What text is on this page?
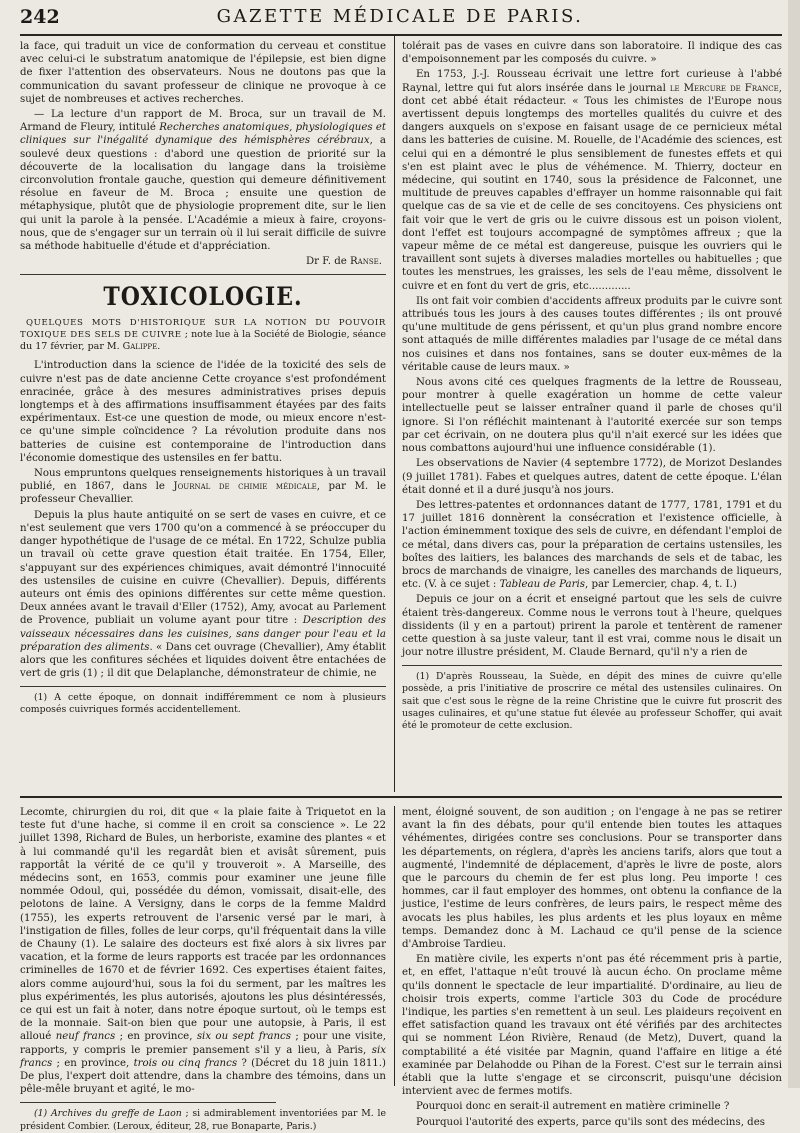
242	GAZETTE MÉDICALE DE PARIS.

la face, qui traduit un vice de conformation du cerveau et constitue avec celui-ci le substratum anatomique de l'épilepsie, est bien digne de fixer l'attention des observateurs. Nous ne doutons pas que la communication du savant professeur de clinique ne provoque à ce sujet de nombreuses et actives recherches.

— La lecture d'un rapport de M. Broca, sur un travail de M. Armand de Fleury, intitulé Recherches anatomiques, physiologiques et cliniques sur l'inégalité dynamique des hémisphères cérébraux, a soulevé deux questions : d'abord une question de priorité sur la découverte de la localisation du langage dans la troisième circonvolution frontale gauche, question qui demeure définitivement résolue en faveur de M. Broca ; ensuite une question de métaphysique, plutôt que de physiologie proprement dite, sur le lien qui unit la parole à la pensée. L'Académie a mieux à faire, croyons-nous, que de s'engager sur un terrain où il lui serait difficile de suivre sa méthode habituelle d'étude et d'appréciation.

Dr F. de Ranse.
TOXICOLOGIE.
QUELQUES MOTS D'HISTORIQUE SUR LA NOTION DU POUVOIR TOXIQUE DES SELS DE CUIVRE ; note lue à la Société de Biologie, séance du 17 février, par M. Galippe.

L'introduction dans la science de l'idée de la toxicité des sels de cuivre n'est pas de date ancienne Cette croyance s'est profondément enracinée, grâce à des mesures administratives prises depuis longtemps et à des affirmations insuffisamment étayées par des faits expérimentaux. Est-ce une question de mode, ou mieux encore n'est-ce qu'une simple coïncidence ? La révolution produite dans nos batteries de cuisine est contemporaine de l'introduction dans l'économie domestique des ustensiles en fer battu.

Nous empruntons quelques renseignements historiques à un travail publié, en 1867, dans le Journal de chimie médicale, par M. le professeur Chevallier.

Depuis la plus haute antiquité on se sert de vases en cuivre, et ce n'est seulement que vers 1700 qu'on a commencé à se préoccuper du danger hypothétique de l'usage de ce métal. En 1722, Schulze publia un travail où cette grave question était traitée. En 1754, Eller, s'appuyant sur des expériences chimiques, avait démontré l'innocuité des ustensiles de cuisine en cuivre (Chevallier). Depuis, différents auteurs ont émis des opinions différentes sur cette même question. Deux années avant le travail d'Eller (1752), Amy, avocat au Parlement de Provence, publiait un volume ayant pour titre : Description des vaisseaux nécessaires dans les cuisines, sans danger pour l'eau et la préparation des aliments. « Dans cet ouvrage (Chevallier), Amy établit alors que les confitures séchées et liquides doivent être entachées de vert de gris (1) ; il dit que Delaplanche, démonstrateur de chimie, ne

(1) A cette époque, on donnait indifféremment ce nom à plusieurs composés cuivriques formés accidentellement.

tolérait pas de vases en cuivre dans son laboratoire. Il indique des cas d'empoisonnement par les composés du cuivre. »

En 1753, J.-J. Rousseau écrivait une lettre fort curieuse à l'abbé Raynal, lettre qui fut alors insérée dans le journal le Mercure de France, dont cet abbé était rédacteur. « Tous les chimistes de l'Europe nous avertissent depuis longtemps des mortelles qualités du cuivre et des dangers auxquels on s'expose en faisant usage de ce pernicieux métal dans les batteries de cuisine. M. Rouelle, de l'Académie des sciences, est celui qui en a démontré le plus sensiblement de funestes effets et qui s'en est plaint avec le plus de véhémence. M. Thierry, docteur en médecine, qui soutint en 1740, sous la présidence de Falconnet, une multitude de preuves capables d'effrayer un homme raisonnable qui fait quelque cas de sa vie et de celle de ses concitoyens. Ces physiciens ont fait voir que le vert de gris ou le cuivre dissous est un poison violent, dont l'effet est toujours accompagné de symptômes affreux ; que la vapeur même de ce métal est dangereuse, puisque les ouvriers qui le travaillent sont sujets à diverses maladies mortelles ou habituelles ; que toutes les menstrues, les graisses, les sels de l'eau même, dissolvent le cuivre et en font du vert de gris, etc.............

Ils ont fait voir combien d'accidents affreux produits par le cuivre sont attribués tous les jours à des causes toutes différentes ; ils ont prouvé qu'une multitude de gens périssent, et qu'un plus grand nombre encore sont attaqués de mille différentes maladies par l'usage de ce métal dans nos cuisines et dans nos fontaines, sans se douter eux-mêmes de la véritable cause de leurs maux. »

Nous avons cité ces quelques fragments de la lettre de Rousseau, pour montrer à quelle exagération un homme de cette valeur intellectuelle peut se laisser entraîner quand il parle de choses qu'il ignore. Si l'on réfléchit maintenant à l'autorité exercée sur son temps par cet écrivain, on ne doutera plus qu'il n'ait exercé sur les idées que nous combattons aujourd'hui une influence considérable (1).

Les observations de Navier (4 septembre 1772), de Morizot Deslandes (9 juillet 1781). Fabes et quelques autres, datent de cette époque. L'élan était donné et il a duré jusqu'à nos jours.

Des lettres-patentes et ordonnances datant de 1777, 1781, 1791 et du 17 juillet 1816 donnèrent la consécration et l'existence officielle, à l'action éminemment toxique des sels de cuivre, en défendant l'emploi de ce métal, dans divers cas, pour la préparation de certains ustensiles, les boîtes des laitiers, les balances des marchands de sels et de tabac, les brocs de marchands de vinaigre, les canelles des marchands de liqueurs, etc. (V. à ce sujet : Tableau de Paris, par Lemercier, chap. 4, t. I.)

Depuis ce jour on a écrit et enseigné partout que les sels de cuivre étaient très-dangereux. Comme nous le verrons tout à l'heure, quelques dissidents (il y en a partout) prirent la parole et tentèrent de ramener cette question à sa juste valeur, tant il est vrai, comme nous le disait un jour notre illustre président, M. Claude Bernard, qu'il n'y a rien de

(1) D'après Rousseau, la Suède, en dépit des mines de cuivre qu'elle possède, a pris l'initiative de proscrire ce métal des ustensiles culinaires. On sait que c'est sous le règne de la reine Christine que le cuivre fut proscrit des usages culinaires, et qu'une statue fut élevée au professeur Schoffer, qui avait été le promoteur de cette exclusion.

Lecomte, chirurgien du roi, dit que « la plaie faite à Triquetot en la teste fut d'une hache, si comme il en croit sa conscience ». Le 22 juillet 1398, Richard de Bules, un herboriste, examine des plantes « et à lui commandé qu'il les regardât bien et avisât sûrement, puis rapportât la vérité de ce qu'il y trouveroit ». A Marseille, des médecins sont, en 1653, commis pour examiner une jeune fille nommée Odoul, qui, possédée du démon, vomissait, disait-elle, des pelotons de laine. A Versigny, dans le corps de la femme Maldrd (1755), les experts retrouvent de l'arsenic versé par le mari, à l'instigation de filles, folles de leur corps, qu'il fréquentait dans la ville de Chauny (1). Le salaire des docteurs est fixé alors à six livres par vacation, et la forme de leurs rapports est tracée par les ordonnances criminelles de 1670 et de février 1692. Ces expertises étaient faites, alors comme aujourd'hui, sous la foi du serment, par les maîtres les plus expérimentés, les plus autorisés, ajoutons les plus désintéressés, ce qui est un fait à noter, dans notre époque surtout, où le temps est de la monnaie. Sait-on bien que pour une autopsie, à Paris, il est alloué neuf francs ; en province, six ou sept francs ; pour une visite, rapports, y compris le premier pansement s'il y a lieu, à Paris, six francs ; en province, trois ou cinq francs ? (Décret du 18 juin 1811.) De plus, l'expert doit attendre, dans la chambre des témoins, dans un pêle-mêle bruyant et agité, le mo-

(1) Archives du greffe de Laon ; si admirablement inventoriées par M. le président Combier. (Leroux, éditeur, 28, rue Bonaparte, Paris.)

ment, éloigné souvent, de son audition ; on l'engage à ne pas se retirer avant la fin des débats, pour qu'il entende bien toutes les attaques véhémentes, dirigées contre ses conclusions. Pour se transporter dans les départements, on réglera, d'après les anciens tarifs, alors que tout a augmenté, l'indemnité de déplacement, d'après le livre de poste, alors que le parcours du chemin de fer est plus long. Peu importe ! ces hommes, car il faut employer des hommes, ont obtenu la confiance de la justice, l'estime de leurs confrères, de leurs pairs, le respect même des avocats les plus habiles, les plus ardents et les plus loyaux en même temps. Demandez donc à M. Lachaud ce qu'il pense de la science d'Ambroise Tardieu.

En matière civile, les experts n'ont pas été récemment pris à partie, et, en effet, l'attaque n'eût trouvé là aucun écho. On proclame même qu'ils donnent le spectacle de leur impartialité. D'ordinaire, au lieu de choisir trois experts, comme l'article 303 du Code de procédure l'indique, les parties s'en remettent à un seul. Les plaideurs reçoivent en effet satisfaction quand les travaux ont été vérifiés par des architectes qui se nomment Léon Rivière, Renaud (de Metz), Duvert, quand la comptabilité a été visitée par Magnin, quand l'affaire en litige a été examinée par Delahodde ou Pihan de la Forest. C'est sur le terrain ainsi établi que la lutte s'engage et se circonscrit, puisqu'une décision intervient avec de fermes motifs.

Pourquoi donc en serait-il autrement en matière criminelle ?

Pourquoi l'autorité des experts, parce qu'ils sont des médecins, des
